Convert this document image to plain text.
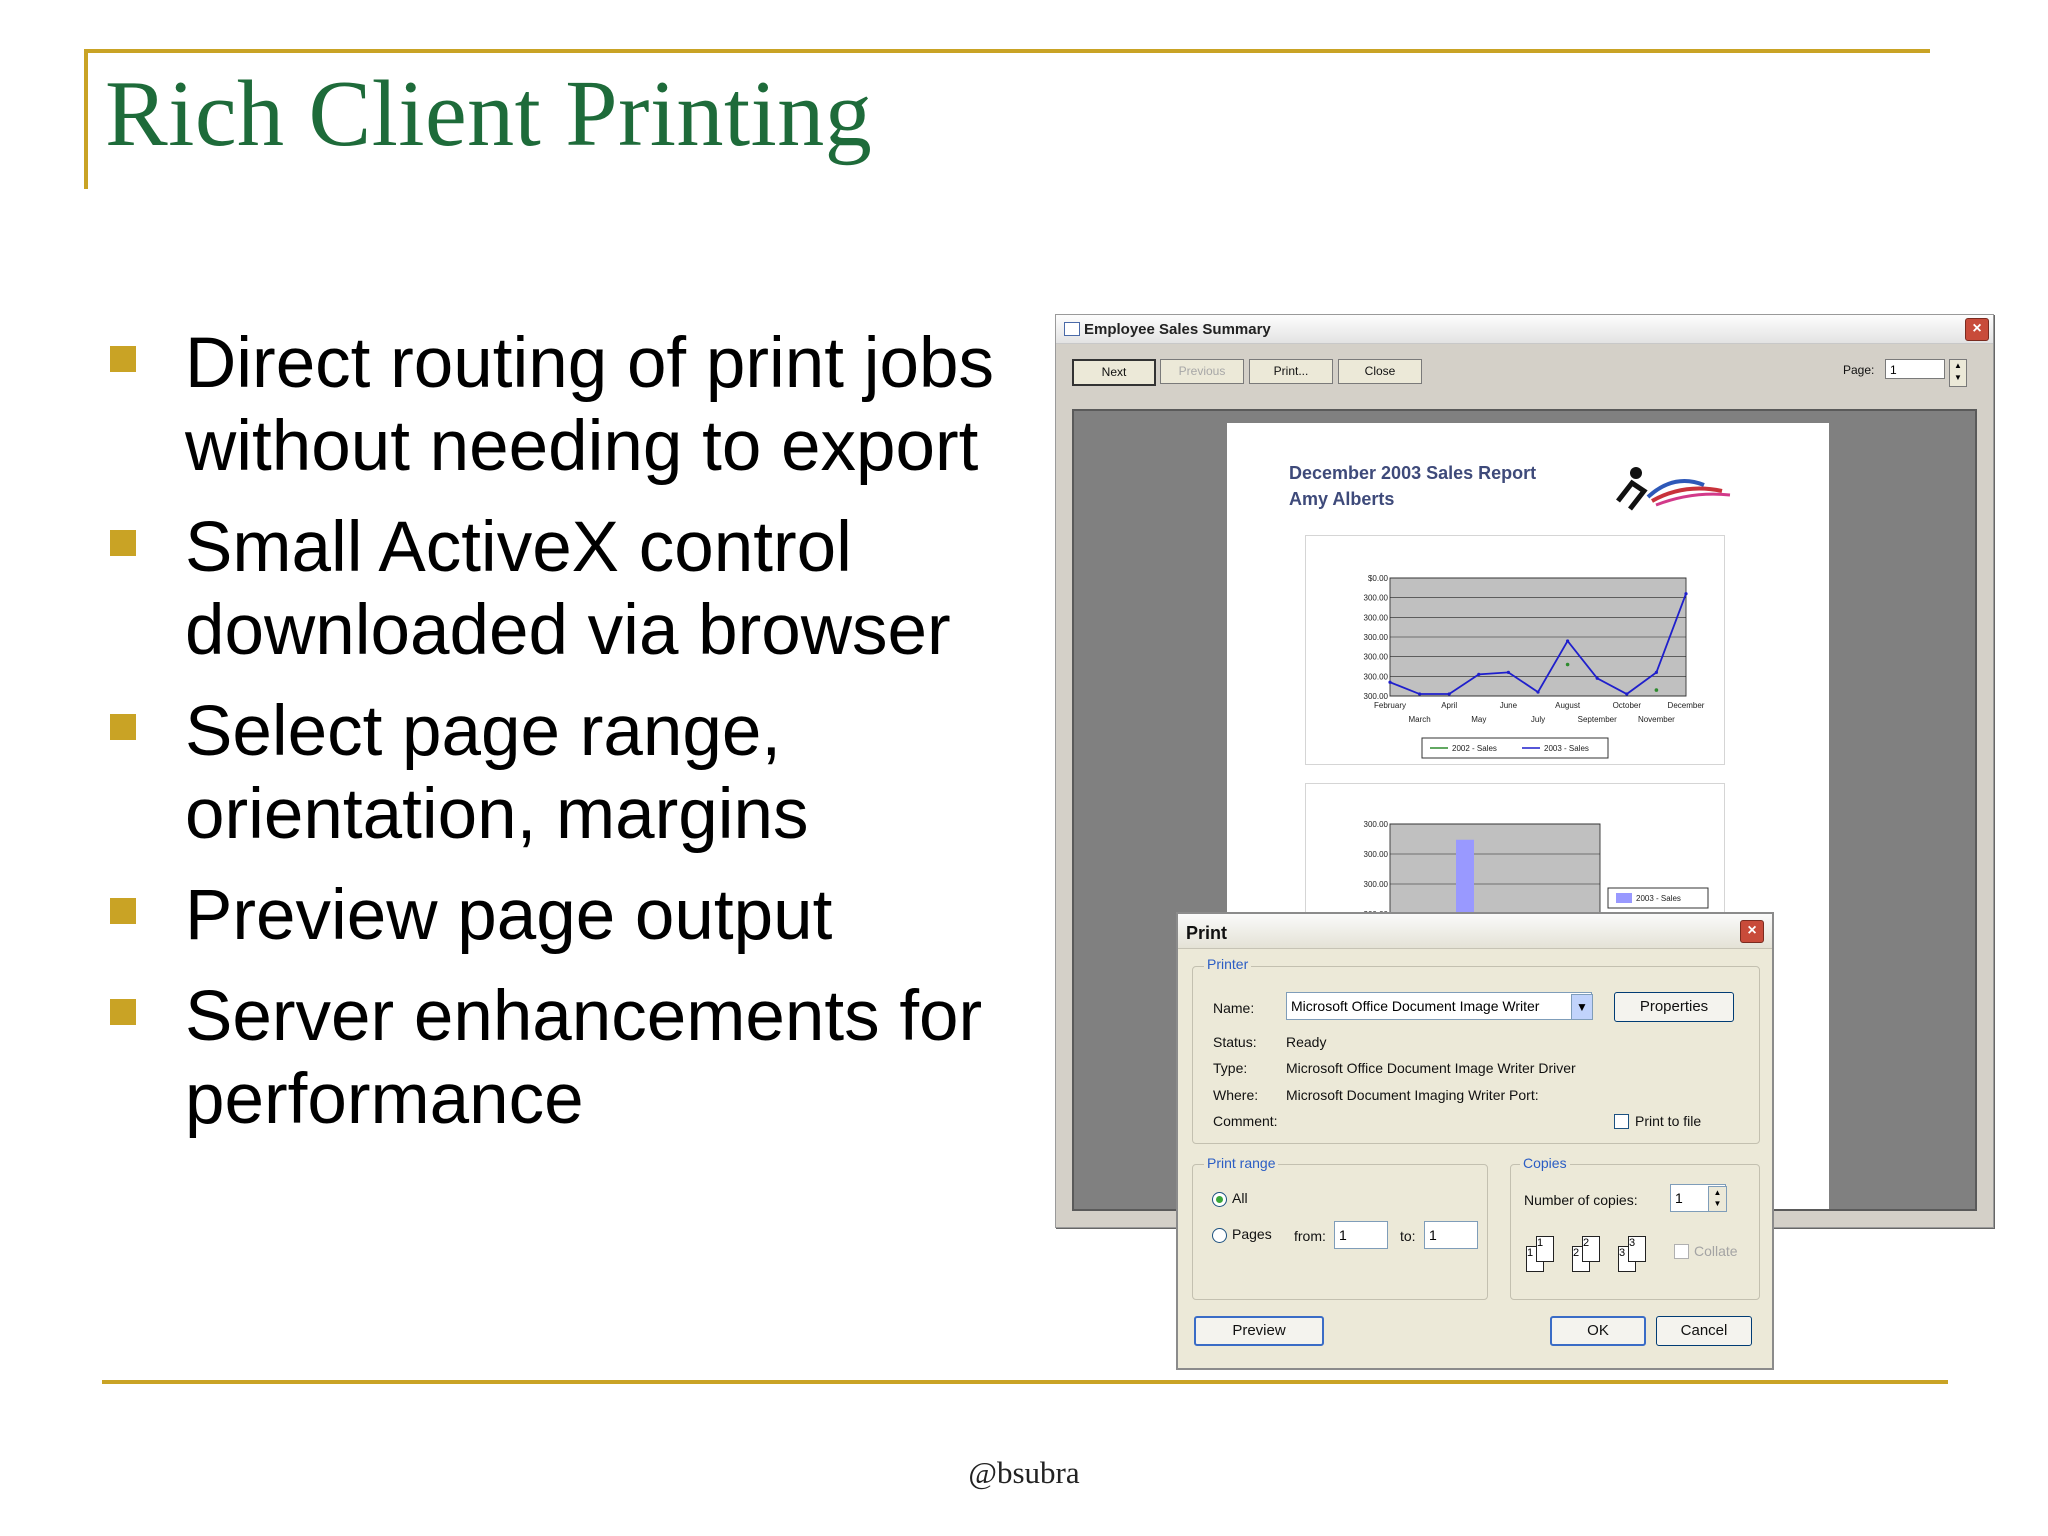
Rich Client Printing
Direct routing of print jobs without needing to export
Small ActiveX control downloaded via browser
Select page range, orientation, margins
Preview page output
Server enhancements for performance
@bsubra
Employee Sales Summary	×
Next	Previous	Print...	Close	Page:	1	▲
▼
December 2003 Sales Report
Amy Alberts
$0.00
300.00
300.00
300.00
300.00
300.00
300.00
February
March
April
May
June
July
August
September
October
November
December
2002 - Sales	2003 - Sales
300.00
300.00
300.00
2003 - Sales
Print	×
Printer
Name:	Microsoft Office Document Image Writer	▼	Properties
Status: Ready
Type:	Microsoft Office Document Image Writer Driver
Where: Microsoft Document Imaging Writer Port:
Comment:	Print to file
Print range
All
Pages from: 1	to: 1
Copies
Number of copies:	1	▲
▼
1
1
2
2
3
3	Collate
Preview	OK	Cancel
